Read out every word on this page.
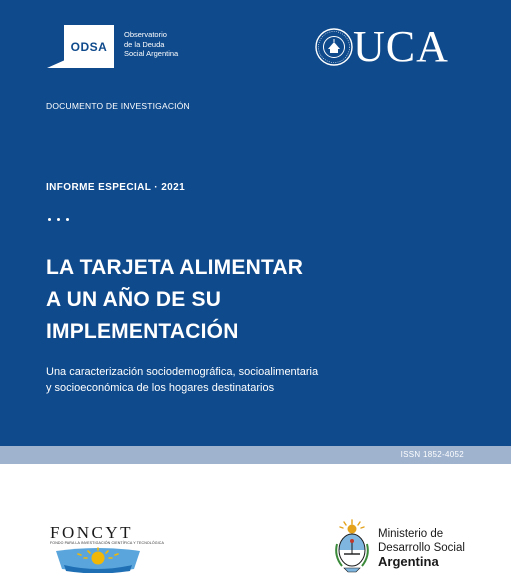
ODSA
Observatorio
de la Deuda
Social Argentina	UCA
DOCUMENTO DE INVESTIGACIÓN
INFORME ESPECIAL · 2021
LA TARJETA ALIMENTAR
A UN AÑO DE SU
IMPLEMENTACIÓN
Una caracterización sociodemográfica, socioalimentaria
y socioeconómica de los hogares destinatarios
ISSN 1852-4052
FONCYT
FONDO PARA LA INVESTIGACIÓN CIENTÍFICA Y TECNOLÓGICA
Ministerio de
Desarrollo Social
Argentina
